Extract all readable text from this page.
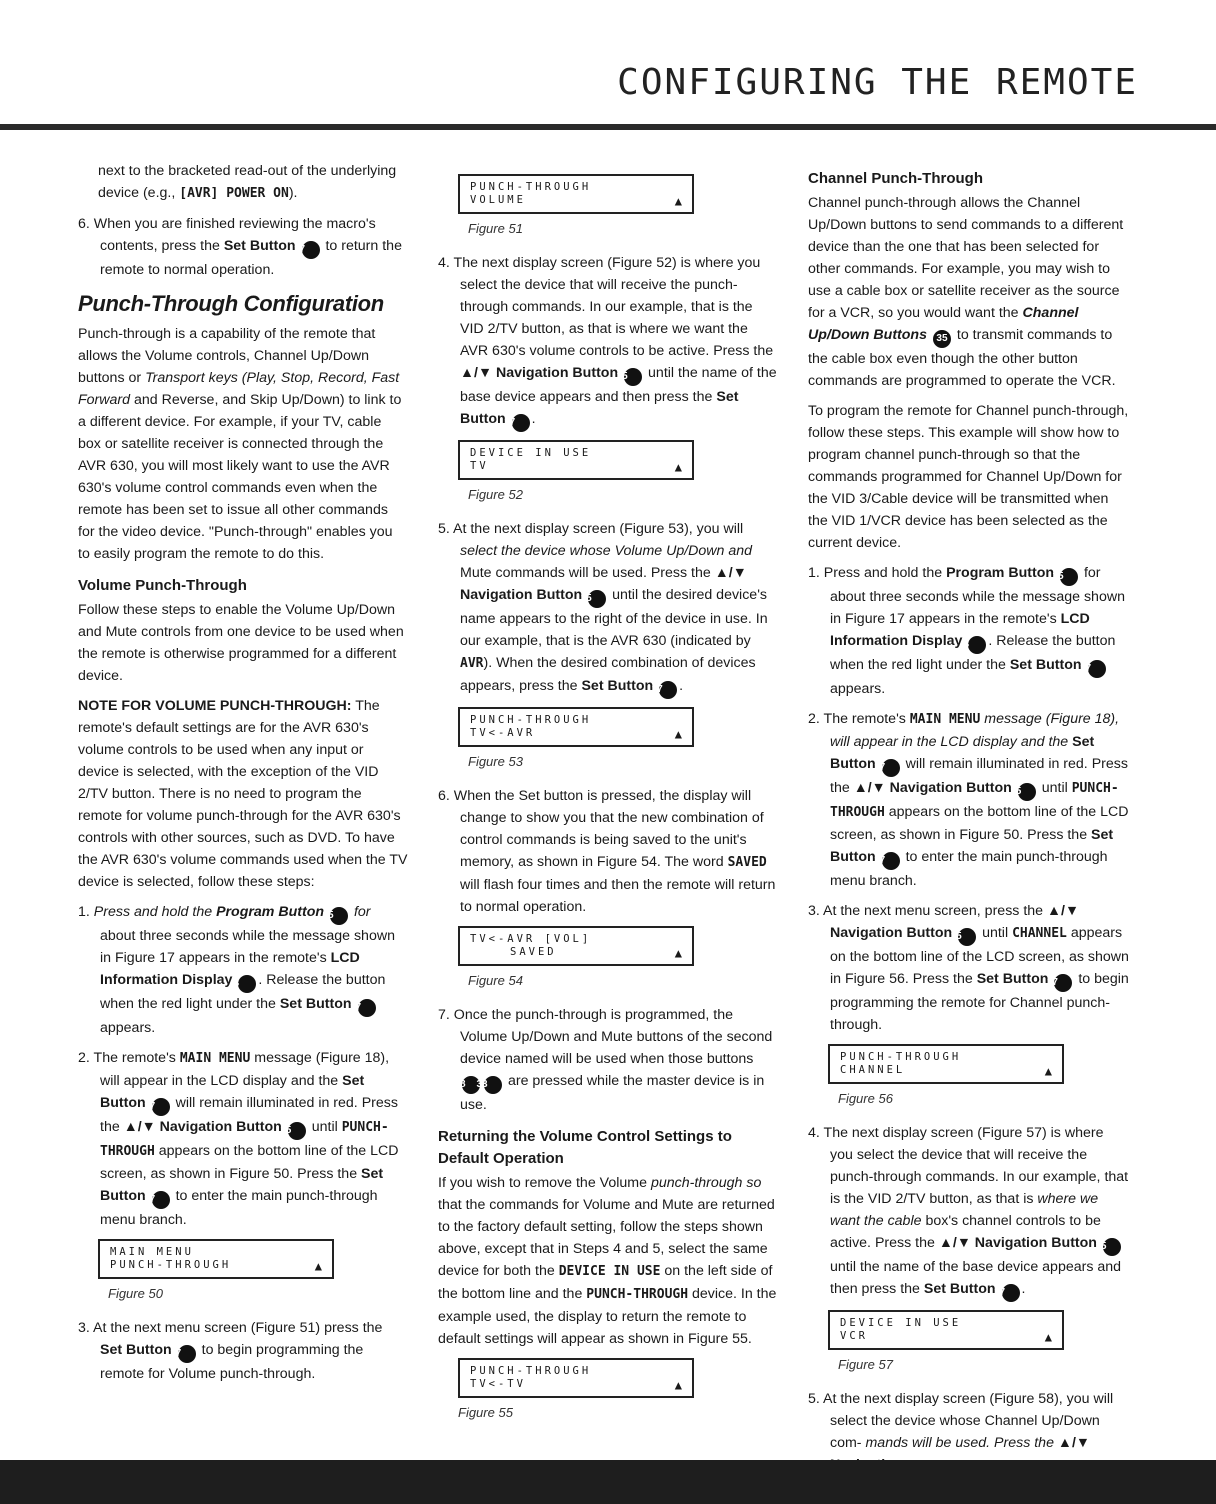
CONFIGURING THE REMOTE

next to the bracketed read-out of the underlying device (e.g., [AVR] POWER ON).

6. When you are finished reviewing the macro's contents, press the Set Button 17 to return the remote to normal operation.

Punch-Through Configuration

Punch-through is a capability of the remote that allows the Volume controls, Channel Up/Down buttons or Transport keys (Play, Stop, Record, Fast Forward and Reverse, and Skip Up/Down) to link to a different device. For example, if your TV, cable box or satellite receiver is connected through the AVR 630, you will most likely want to use the AVR 630's volume control commands even when the remote has been set to issue all other commands for the video device. "Punch-through" enables you to easily program the remote to do this.

Volume Punch-Through

Follow these steps to enable the Volume Up/Down and Mute controls from one device to be used when the remote is otherwise programmed for a different device.

NOTE FOR VOLUME PUNCH-THROUGH: The remote's default settings are for the AVR 630's volume controls to be used when any input or device is selected, with the exception of the VID 2/TV button. There is no need to program the remote for volume punch-through for the AVR 630's controls with other sources, such as DVD. To have the AVR 630's volume commands used when the TV device is selected, follow these steps:

1. Press and hold the Program Button 25 for about three seconds while the message shown in Figure 17 appears in the remote's LCD Information Display 3 . Release the button when the red light under the Set Button 17 appears.

2. The remote's MAIN MENU message (Figure 18), will appear in the LCD display and the Set Button 17 will remain illuminated in red. Press the ▲/▼ Navigation Button 15 until PUNCH-THROUGH appears on the bottom line of the LCD screen, as shown in Figure 50. Press the Set Button 17 to enter the main punch-through menu branch.

MAIN MENU
PUNCH-THROUGH	▲
Figure 50

3. At the next menu screen (Figure 51) press the Set Button 17 to begin programming the remote for Volume punch-through.

PUNCH-THROUGH
VOLUME	▲
Figure 51

4. The next display screen (Figure 52) is where you select the device that will receive the punch-through commands. In our example, that is the VID 2/TV button, as that is where we want the AVR 630's volume controls to be active. Press the ▲/▼ Navigation Button 15 until the name of the base device appears and then press the Set Button 17 .

DEVICE IN USE
TV	▲
Figure 52

5. At the next display screen (Figure 53), you will select the device whose Volume Up/Down and Mute commands will be used. Press the ▲/▼ Navigation Button 15 until the desired device's name appears to the right of the device in use. In our example, that is the AVR 630 (indicated by AVR). When the desired combination of devices appears, press the Set Button 17 .

PUNCH-THROUGH
TV<-AVR	▲
Figure 53

6. When the Set button is pressed, the display will change to show you that the new combination of control commands is being saved to the unit's memory, as shown in Figure 54. The word SAVED will flash four times and then the remote will return to normal operation.

TV<-AVR [VOL]
SAVED	▲
Figure 54

7. Once the punch-through is programmed, the Volume Up/Down and Mute buttons of the second device named will be used when those buttons 18 33 are pressed while the master device is in use.

Returning the Volume Control Settings to Default Operation

If you wish to remove the Volume punch-through so that the commands for Volume and Mute are returned to the factory default setting, follow the steps shown above, except that in Steps 4 and 5, select the same device for both the DEVICE IN USE on the left side of the bottom line and the PUNCH-THROUGH device. In the example used, the display to return the remote to default settings will appear as shown in Figure 55.

PUNCH-THROUGH
TV<-TV	▲
Figure 55
Channel Punch-Through

Channel punch-through allows the Channel Up/Down buttons to send commands to a different device than the one that has been selected for other commands. For example, you may wish to use a cable box or satellite receiver as the source for a VCR, so you would want the Channel Up/Down Buttons 35 to transmit commands to the cable box even though the other button commands are programmed to operate the VCR.

To program the remote for Channel punch-through, follow these steps. This example will show how to program channel punch-through so that the commands programmed for Channel Up/Down for the VID 3/Cable device will be transmitted when the VID 1/VCR device has been selected as the current device.

1. Press and hold the Program Button 25 for about three seconds while the message shown in Figure 17 appears in the remote's LCD Information Display 3 . Release the button when the red light under the Set Button 17 appears.

2. The remote's MAIN MENU message (Figure 18), will appear in the LCD display and the Set Button 17 will remain illuminated in red. Press the ▲/▼ Navigation Button 15 until PUNCH-THROUGH appears on the bottom line of the LCD screen, as shown in Figure 50. Press the Set Button 17 to enter the main punch-through menu branch.

3. At the next menu screen, press the ▲/▼ Navigation Button 15 until CHANNEL appears on the bottom line of the LCD screen, as shown in Figure 56. Press the Set Button 17 to begin programming the remote for Channel punch-through.

PUNCH-THROUGH
CHANNEL	▲
Figure 56

4. The next display screen (Figure 57) is where you select the device that will receive the punch-through commands. In our example, that is the VID 2/TV button, as that is where we want the cable box's channel controls to be active. Press the ▲/▼ Navigation Button 15 until the name of the base device appears and then press the Set Button 17 .

DEVICE IN USE
VCR	▲
Figure 57

5. At the next display screen (Figure 58), you will select the device whose Channel Up/Down com- mands will be used. Press the ▲/▼
